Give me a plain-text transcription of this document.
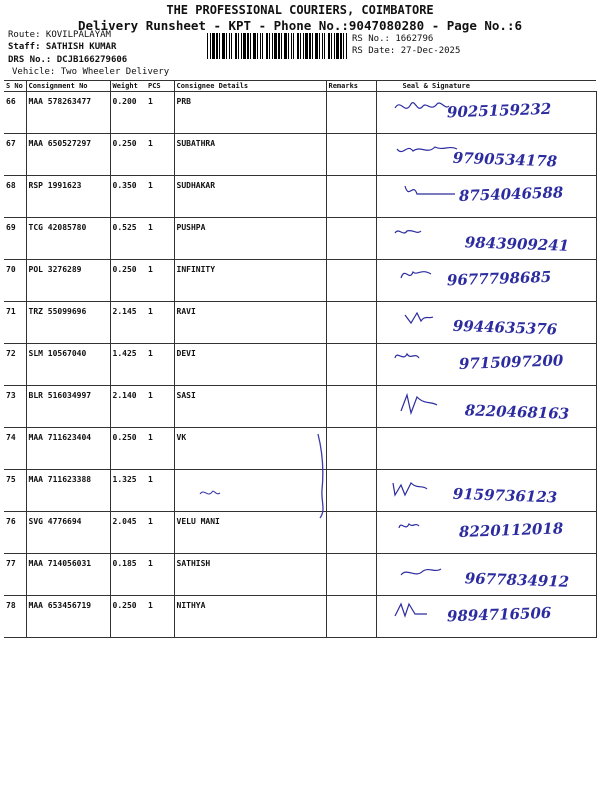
THE PROFESSIONAL COURIERS, COIMBATORE
Delivery Runsheet - KPT - Phone No.:9047080280 - Page No.:6
Route: KOVILPALAYAM
Staff: SATHISH KUMAR
DRS No.: DCJB166279606
Vehicle: Two Wheeler Delivery
RS No.: 1662796
RS Date: 27-Dec-2025
S No	Consignment No	Weight	PCS	Consignee Details	Remarks	Seal & Signature
66	MAA 578263477	0.200	1	PRB		9025159232

67	MAA 650527297	0.250	1	SUBATHRA		9790534178

68	RSP 1991623	0.350	1	SUDHAKAR		8754046588

69	TCG 42085780	0.525	1	PUSHPA		9843909241

70	POL 3276289	0.250	1	INFINITY		9677798685

71	TRZ 55099696	2.145	1	RAVI		9944635376

72	SLM 10567040	1.425	1	DEVI		9715097200

73	BLR 516034997	2.140	1	SASI		8220468163

74	MAA 711623404	0.250	1	VK		

75	MAA 711623388	1.325	1			9159736123

76	SVG 4776694	2.045	1	VELU MANI		8220112018

77	MAA 714056031	0.185	1	SATHISH		9677834912

78	MAA 653456719	0.250	1	NITHYA		9894716506
